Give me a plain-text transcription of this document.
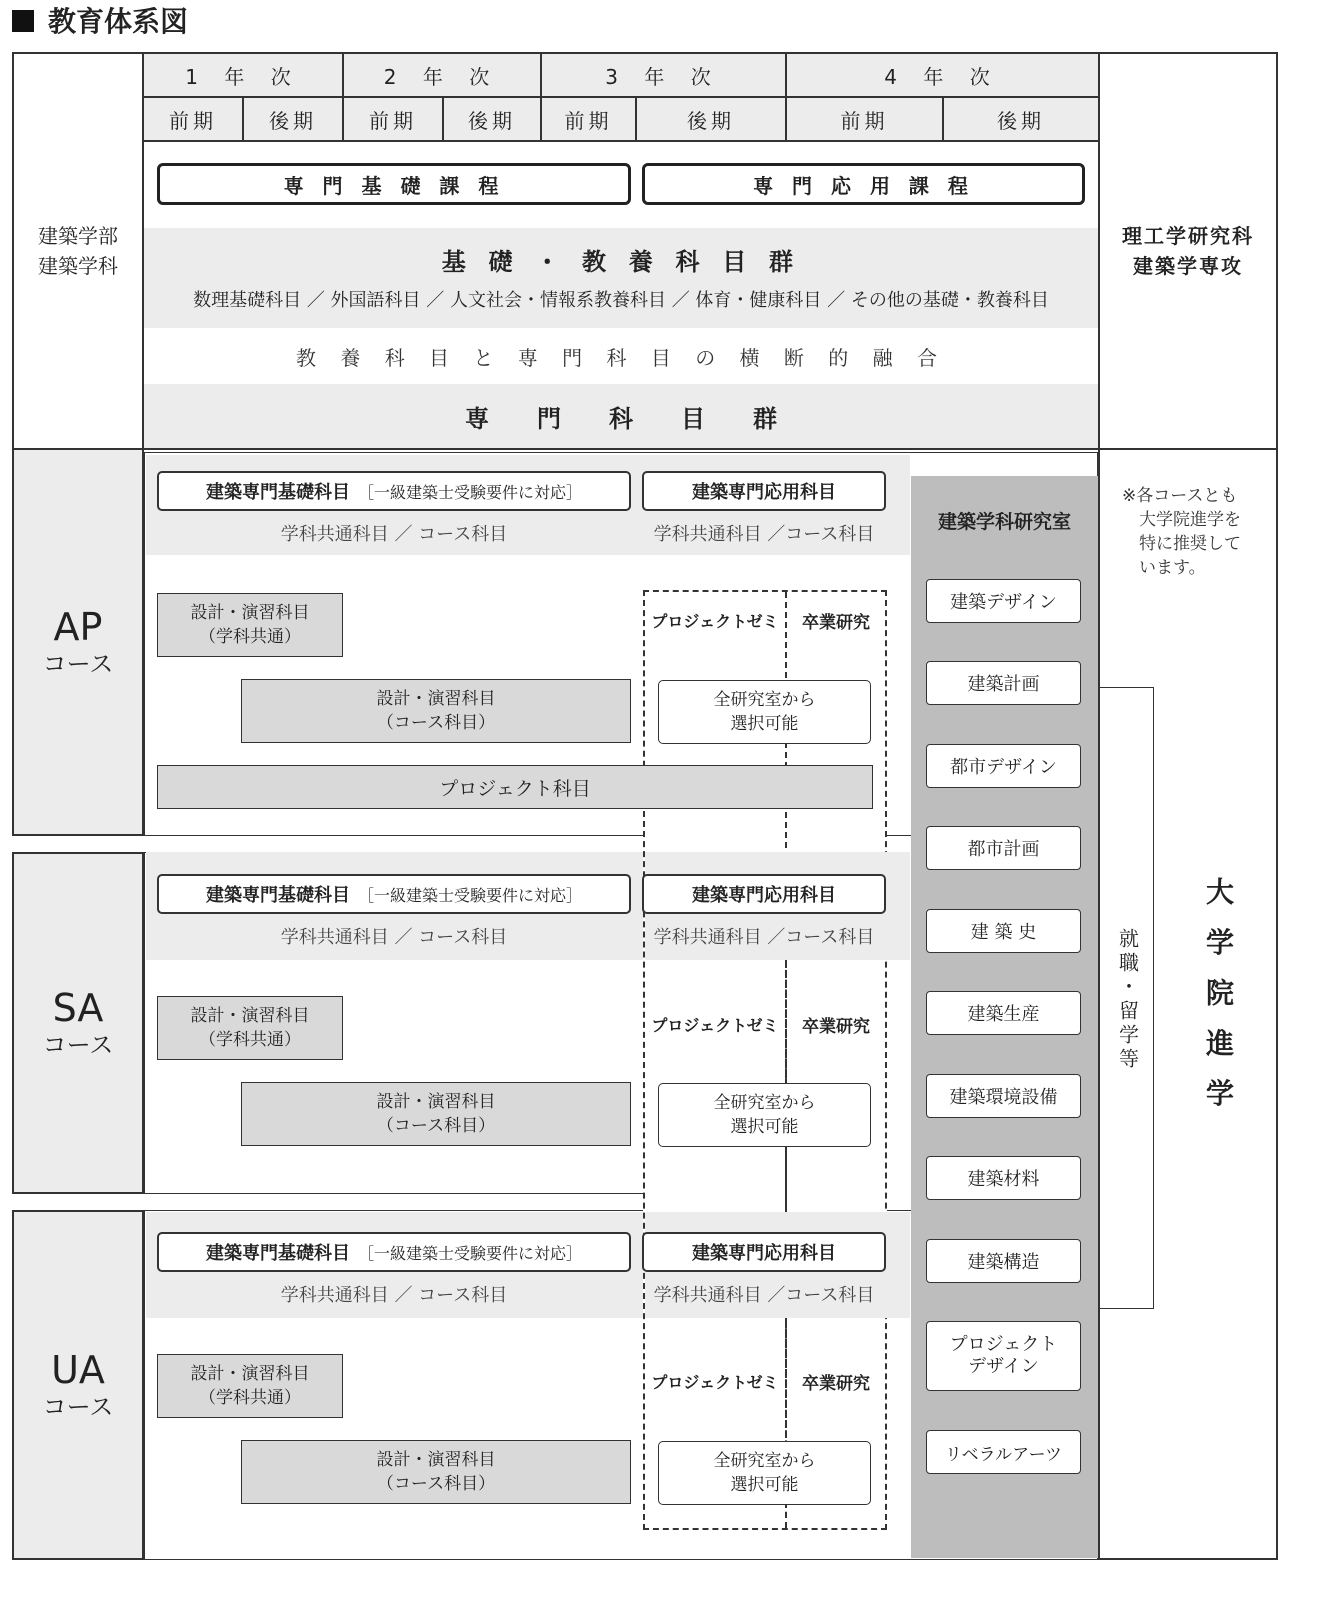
教育体系図
建築学部
建築学科
理工学研究科
建築学専攻
1 年 次	2 年 次	3 年 次	4 年 次
前期	後期	前期	後期	前期	後期	前期	後期
専 門 基 礎 課 程	専 門 応 用 課 程
基 礎 ・ 教 養 科 目 群
数理基礎科目 ／ 外国語科目 ／ 人文社会・情報系教養科目 ／ 体育・健康科目 ／ その他の基礎・教養科目
教 養 科 目 と 専 門 科 目 の 横 断 的 融 合
専　　門　　科　　目　　群
AP
コース
SA
コース
UA
コース
建築学科研究室
建築専門基礎科目 ［一級建築士受験要件に対応］	建築専門応用科目
学科共通科目 ／ コース科目	学科共通科目 ／コース科目
設計・演習科目
（学科共通）
設計・演習科目
（コース科目）
プロジェクト科目
プロジェクトゼミ	卒業研究
全研究室から
選択可能
建築専門基礎科目 ［一級建築士受験要件に対応］	建築専門応用科目
学科共通科目 ／ コース科目	学科共通科目 ／コース科目
設計・演習科目
（学科共通）
設計・演習科目
（コース科目）
プロジェクトゼミ	卒業研究
全研究室から
選択可能
建築専門基礎科目 ［一級建築士受験要件に対応］	建築専門応用科目
学科共通科目 ／ コース科目	学科共通科目 ／コース科目
設計・演習科目
（学科共通）
設計・演習科目
（コース科目）
プロジェクトゼミ	卒業研究
全研究室から
選択可能
建築デザイン
建築計画
都市デザイン
都市計画
建 築 史
建築生産
建築環境設備
建築材料
建築構造
プロジェクト
デザイン
リベラルアーツ
※各コースとも
　大学院進学を
　特に推奨して
　います。
就職・留学等	大学院進学
